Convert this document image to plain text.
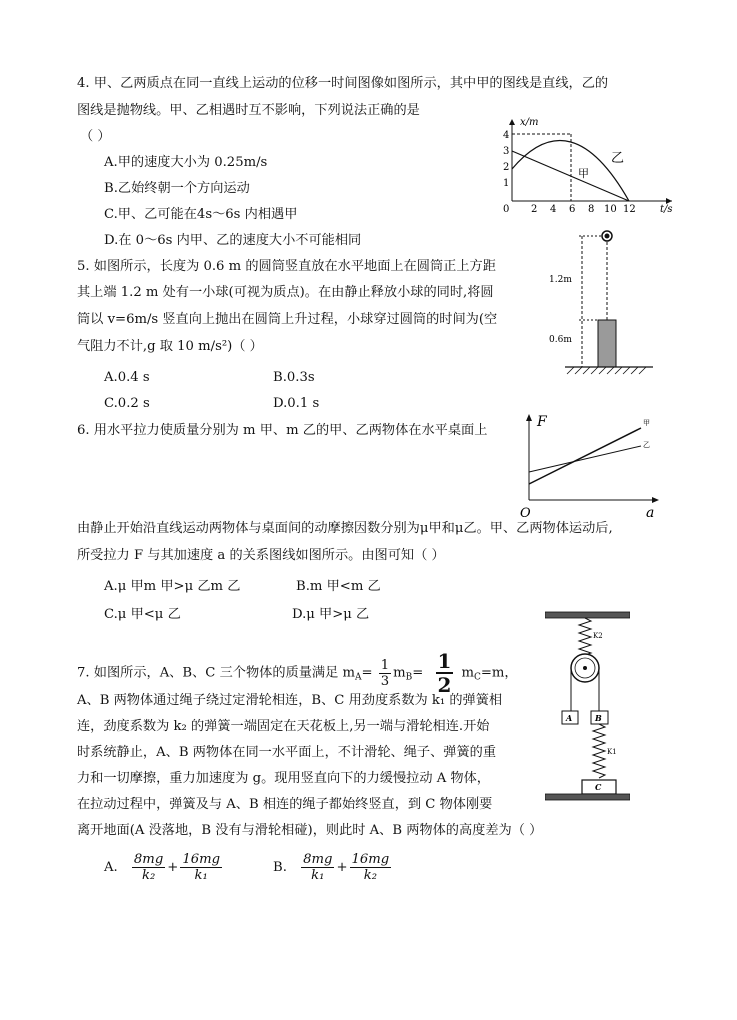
4. 甲、乙两质点在同一直线上运动的位移一时间图像如图所示，其中甲的图线是直线，乙的
图线是抛物线。甲、乙相遇时互不影响，下列说法正确的是
（ ）
A.甲的速度大小为 0.25m/s
B.乙始终朝一个方向运动
C.甲、乙可能在4s～6s 内相遇甲
D.在 0～6s 内甲、乙的速度大小不可能相同
x/m
t/s
4
3
2
1
0 2 4 6 8 10 12
乙
甲
5. 如图所示，长度为 0.6 m 的圆筒竖直放在水平地面上在圆筒正上方距
其上端 1.2 m 处有一小球(可视为质点)。在由静止释放小球的同时,将圆
筒以 v=6m/s 竖直向上抛出在圆筒上升过程，小球穿过圆筒的时间为(空
气阻力不计,g 取 10 m/s²)（ ）
A.0.4 s	B.0.3s
C.0.2 s	D.0.1 s
1.2m
0.6m
6. 用水平拉力使质量分别为 m 甲、m 乙的甲、乙两物体在水平桌面上
由静止开始沿直线运动两物体与桌面间的动摩擦因数分别为μ甲和μ乙。甲、乙两物体运动后,
所受拉力 F 与其加速度 a 的关系图线如图所示。由图可知（ ）
A.μ 甲m 甲>μ 乙m 乙	B.m 甲<m 乙
C.μ 甲<μ 乙	D.μ 甲>μ 乙
F
a
O
甲
乙
7. 如图所示，A、B、C 三个物体的质量满足 $m_A= \frac{1}{3} m_B= \frac{1}{2} m_C=m$，
A、B 两物体通过绳子绕过定滑轮相连，B、C 用劲度系数为 k₁ 的弹簧相
连，劲度系数为 k₂ 的弹簧一端固定在天花板上,另一端与滑轮相连.开始
时系统静止，A、B 两物体在同一水平面上，不计滑轮、绳子、弹簧的重
力和一切摩擦，重力加速度为 g。现用竖直向下的力缓慢拉动 A 物体，
在拉动过程中，弹簧及与 A、B 相连的绳子都始终竖直，到 C 物体刚要
离开地面(A 没落地，B 没有与滑轮相碰)，则此时 A、B 两物体的高度差为（ ）
A. $\frac{8mg}{\text{k₂}} + \frac{16mg}{\text{k₁}}$	B. $\frac{8mg}{\text{k₁}} + \frac{16mg}{\text{k₂}}$
K2
A	B
K1
C
